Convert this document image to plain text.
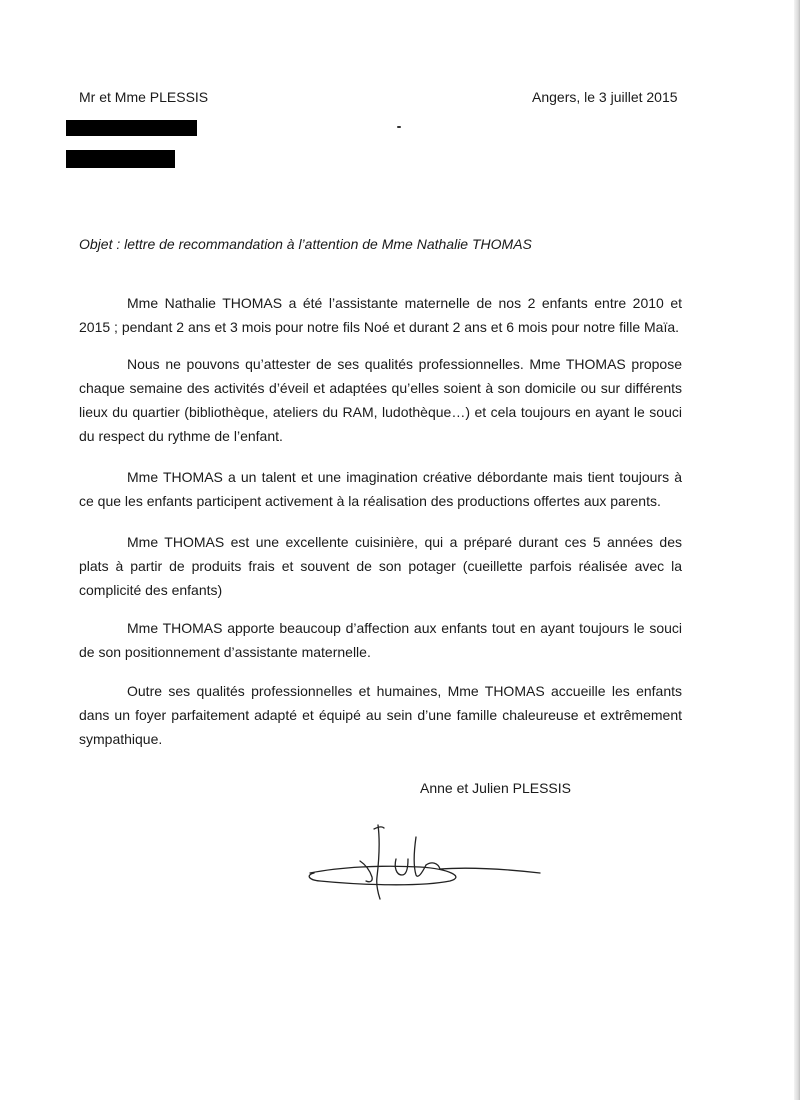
Mr et Mme PLESSIS	Angers, le 3 juillet 2015
Objet : lettre de recommandation à l’attention de Mme Nathalie THOMAS

Mme Nathalie THOMAS a été l’assistante maternelle de nos 2 enfants entre 2010 et 2015 ; pendant 2 ans et 3 mois pour notre fils Noé et durant 2 ans et 6 mois pour notre fille Maïa.

Nous ne pouvons qu’attester de ses qualités professionnelles. Mme THOMAS propose chaque semaine des activités d’éveil et adaptées qu’elles soient à son domicile ou sur différents lieux du quartier (bibliothèque, ateliers du RAM, ludothèque…) et cela toujours en ayant le souci du respect du rythme de l’enfant.

Mme THOMAS a un talent et une imagination créative débordante mais tient toujours à ce que les enfants participent activement à la réalisation des productions offertes aux parents.

Mme THOMAS est une excellente cuisinière, qui a préparé durant ces 5 années des plats à partir de produits frais et souvent de son potager (cueillette parfois réalisée avec la complicité des enfants)

Mme THOMAS apporte beaucoup d’affection aux enfants tout en ayant toujours le souci de son positionnement d’assistante maternelle.

Outre ses qualités professionnelles et humaines, Mme THOMAS accueille les enfants dans un foyer parfaitement adapté et équipé au sein d’une famille chaleureuse et extrêmement sympathique.

Anne et Julien PLESSIS
